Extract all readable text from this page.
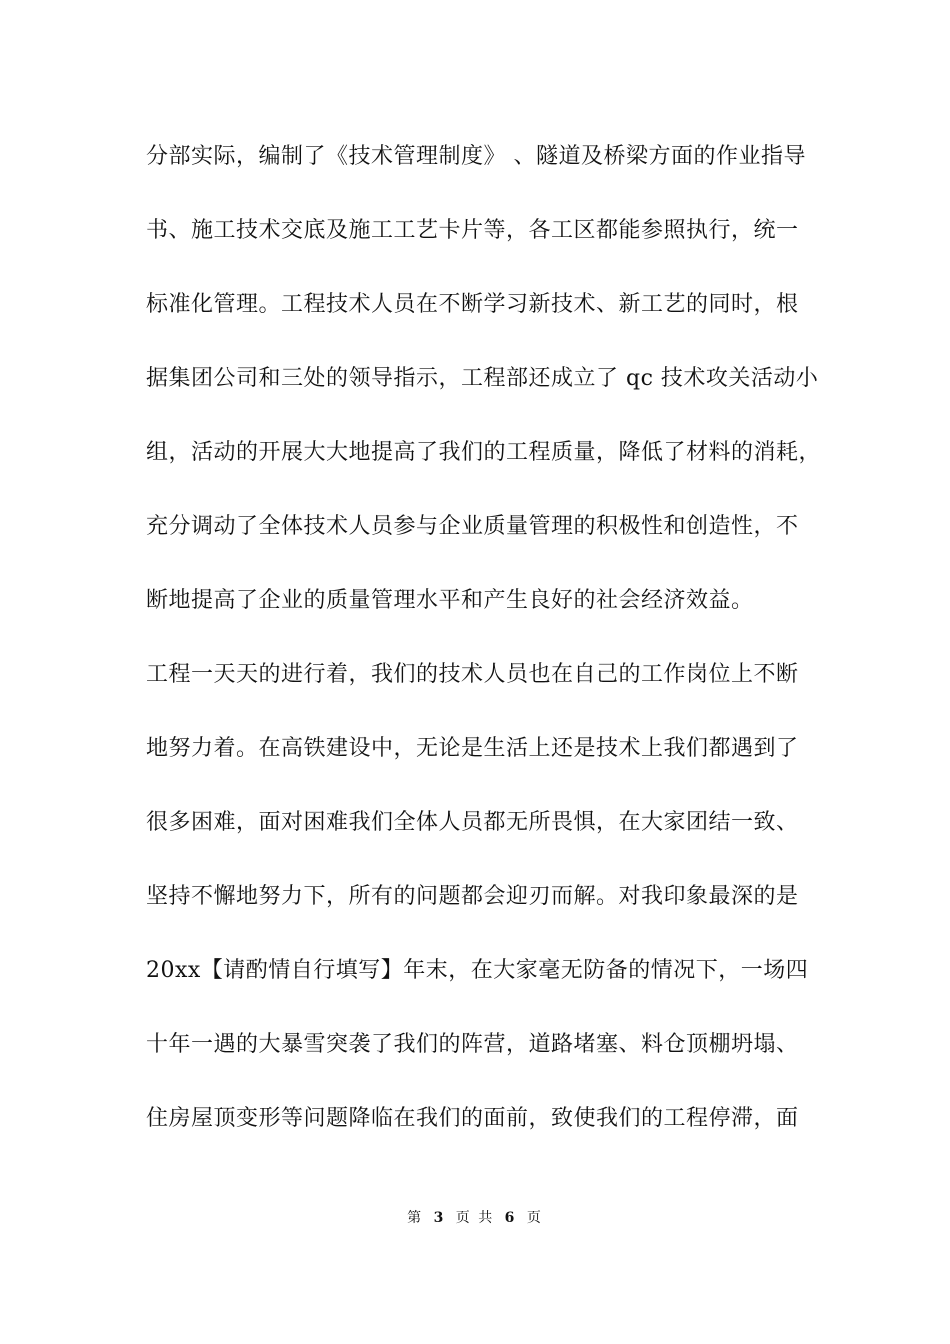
分部实际，编制了《技术管理制度》 、隧道及桥梁方面的作业指导
书、施工技术交底及施工工艺卡片等，各工区都能参照执行，统一
标准化管理。工程技术人员在不断学习新技术、新工艺的同时，根
据集团公司和三处的领导指示，工程部还成立了 qc 技术攻关活动小
组，活动的开展大大地提高了我们的工程质量，降低了材料的消耗，
充分调动了全体技术人员参与企业质量管理的积极性和创造性，不
断地提高了企业的质量管理水平和产生良好的社会经济效益。
工程一天天的进行着，我们的技术人员也在自己的工作岗位上不断
地努力着。在高铁建设中，无论是生活上还是技术上我们都遇到了
很多困难，面对困难我们全体人员都无所畏惧，在大家团结一致、
坚持不懈地努力下，所有的问题都会迎刃而解。对我印象最深的是
20xx【请酌情自行填写】年末，在大家毫无防备的情况下，一场四
十年一遇的大暴雪突袭了我们的阵营，道路堵塞、料仓顶棚坍塌、
住房屋顶变形等问题降临在我们的面前，致使我们的工程停滞，面
第 3 页 共 6 页
